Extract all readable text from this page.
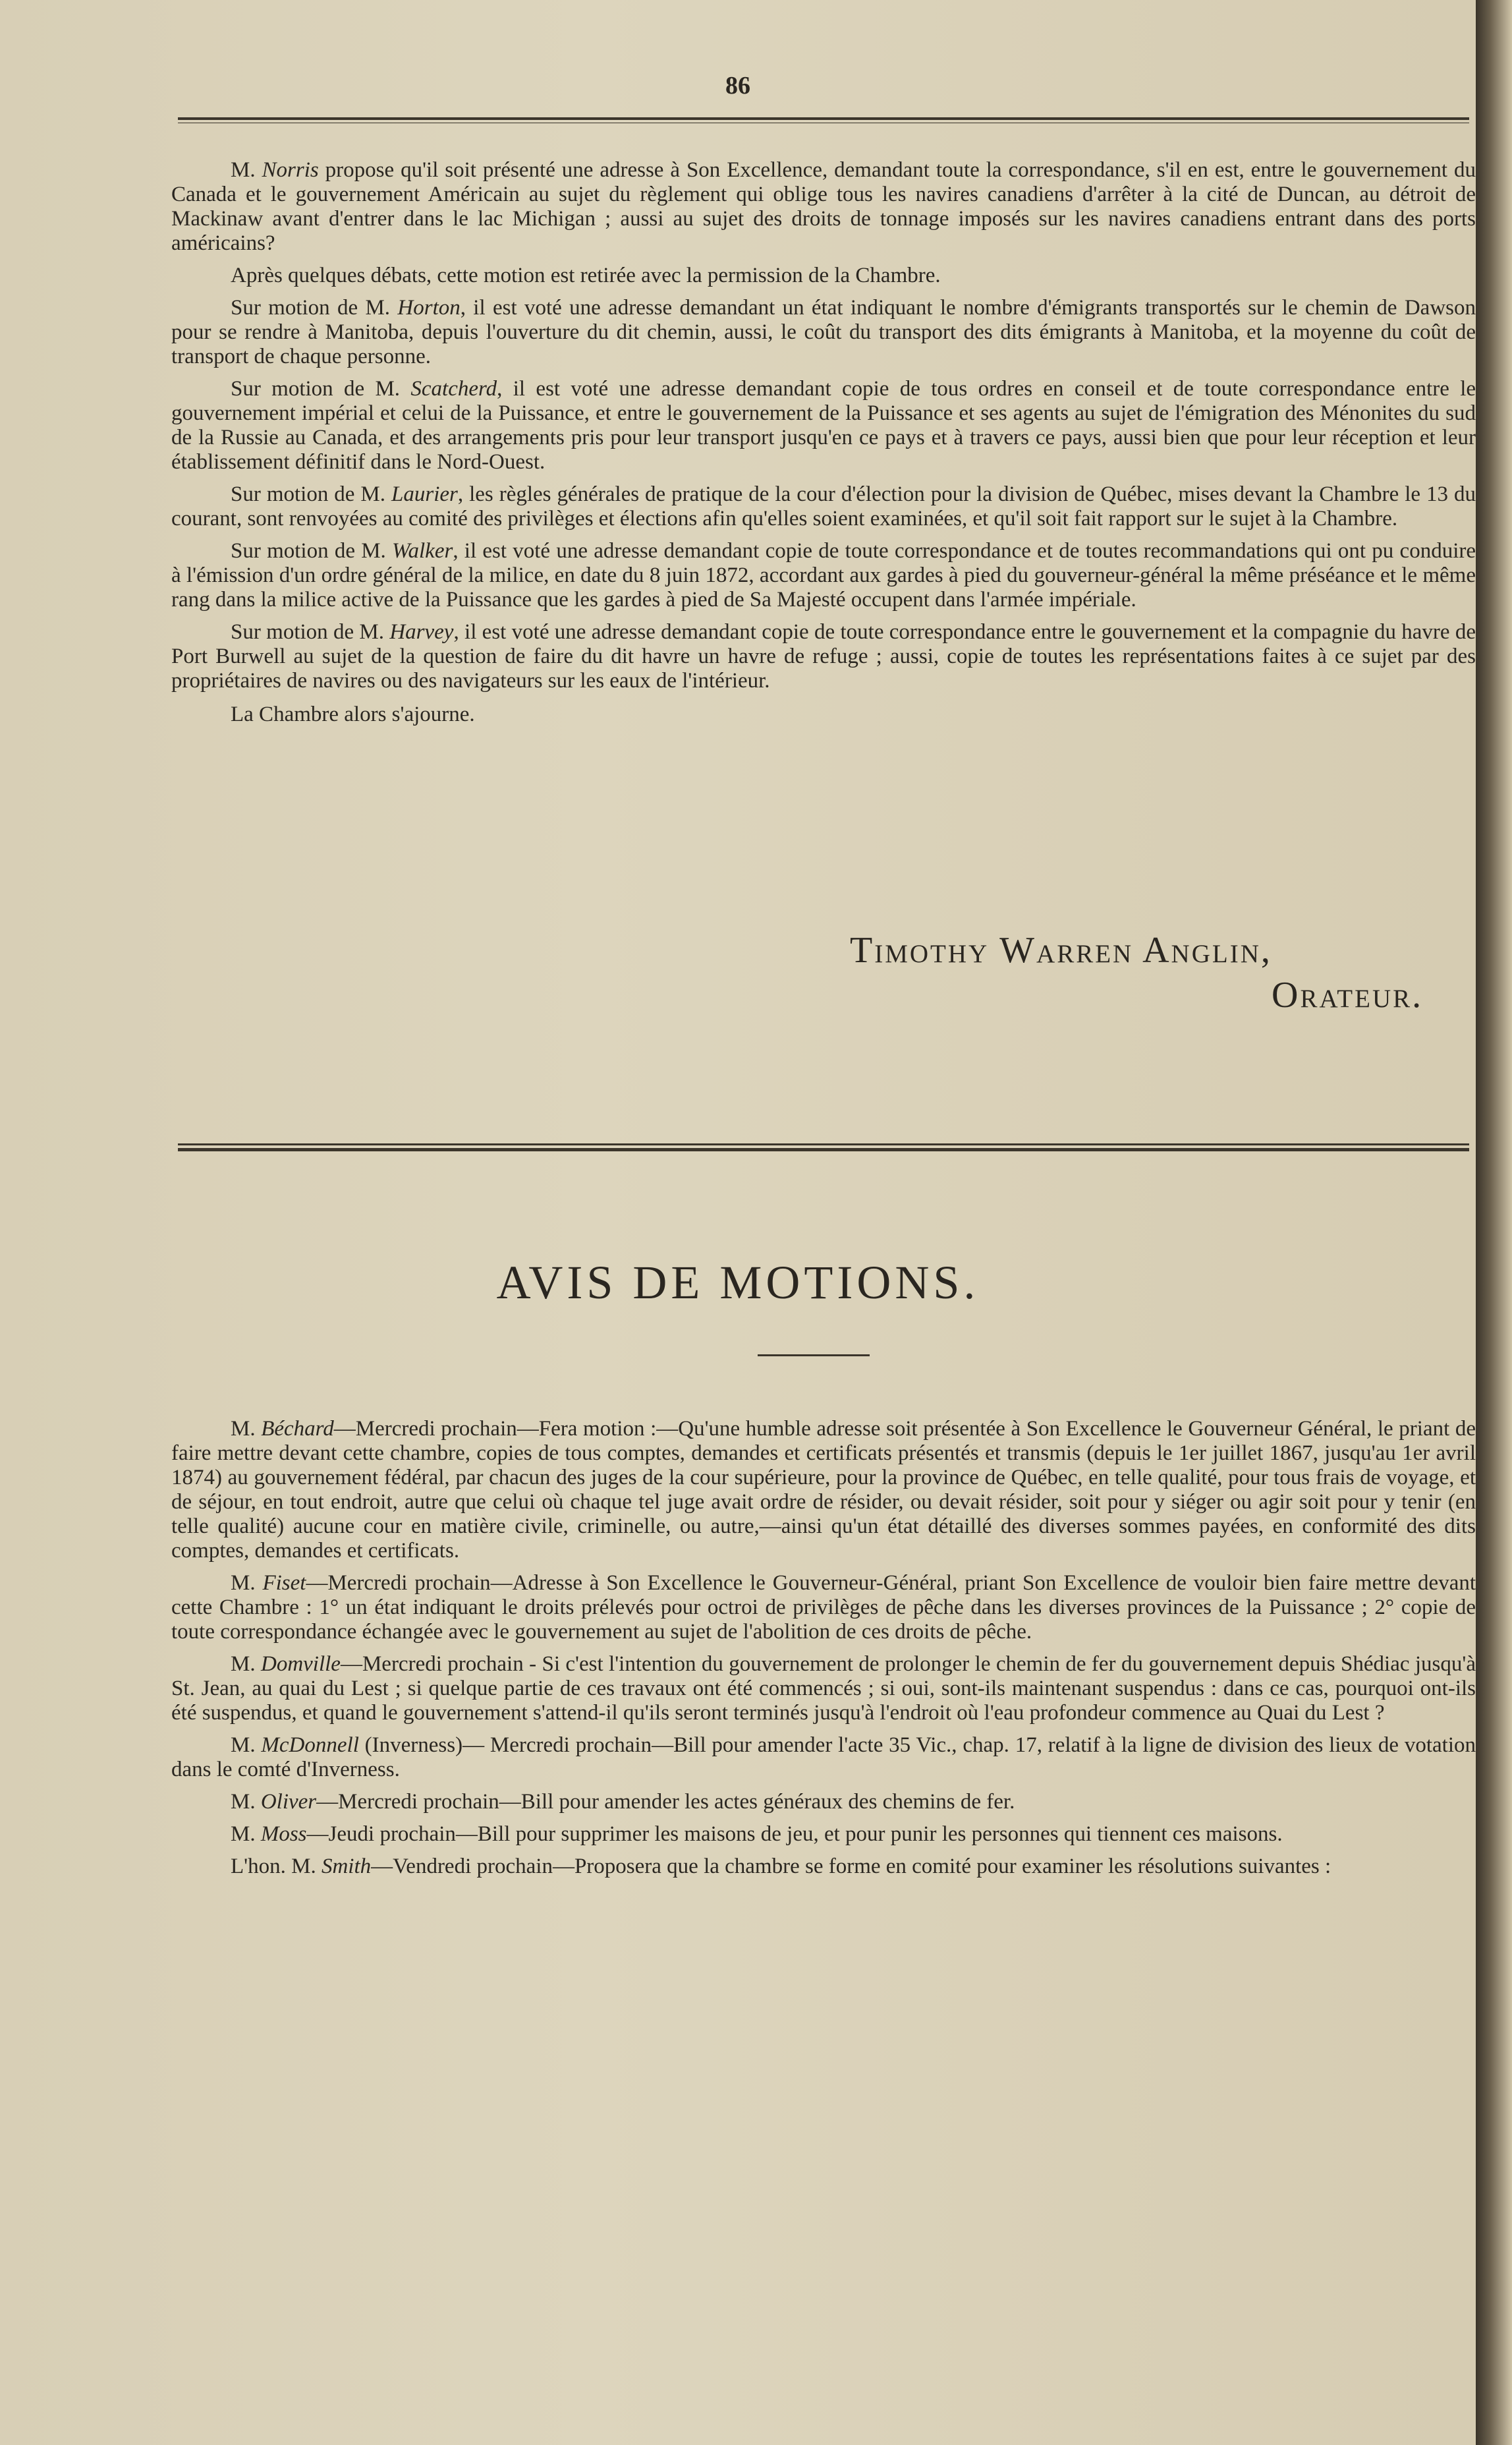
86

M. Norris propose qu'il soit présenté une adresse à Son Excellence, demandant toute la correspondance, s'il en est, entre le gouvernement du Canada et le gouvernement Américain au sujet du règlement qui oblige tous les navires canadiens d'arrêter à la cité de Duncan, au détroit de Mackinaw avant d'entrer dans le lac Michigan ; aussi au sujet des droits de tonnage imposés sur les navires canadiens entrant dans des ports américains?

Après quelques débats, cette motion est retirée avec la permission de la Chambre.

Sur motion de M. Horton, il est voté une adresse demandant un état indiquant le nombre d'émigrants transportés sur le chemin de Dawson pour se rendre à Manitoba, depuis l'ouverture du dit chemin, aussi, le coût du transport des dits émigrants à Manitoba, et la moyenne du coût de transport de chaque personne.

Sur motion de M. Scatcherd, il est voté une adresse demandant copie de tous ordres en conseil et de toute correspondance entre le gouvernement impérial et celui de la Puissance, et entre le gouvernement de la Puissance et ses agents au sujet de l'émigration des Ménonites du sud de la Russie au Canada, et des arrangements pris pour leur transport jusqu'en ce pays et à travers ce pays, aussi bien que pour leur réception et leur établissement définitif dans le Nord-Ouest.

Sur motion de M. Laurier, les règles générales de pratique de la cour d'élection pour la division de Québec, mises devant la Chambre le 13 du courant, sont renvoyées au comité des privilèges et élections afin qu'elles soient examinées, et qu'il soit fait rapport sur le sujet à la Chambre.

Sur motion de M. Walker, il est voté une adresse demandant copie de toute correspondance et de toutes recommandations qui ont pu conduire à l'émission d'un ordre général de la milice, en date du 8 juin 1872, accordant aux gardes à pied du gouverneur-général la même préséance et le même rang dans la milice active de la Puissance que les gardes à pied de Sa Majesté occupent dans l'armée impériale.

Sur motion de M. Harvey, il est voté une adresse demandant copie de toute correspondance entre le gouvernement et la compagnie du havre de Port Burwell au sujet de la question de faire du dit havre un havre de refuge ; aussi, copie de toutes les représentations faites à ce sujet par des propriétaires de navires ou des navigateurs sur les eaux de l'intérieur.

La Chambre alors s'ajourne.

Timothy Warren Anglin,
Orateur.
AVIS DE MOTIONS.

M. Béchard—Mercredi prochain—Fera motion :—Qu'une humble adresse soit présentée à Son Excellence le Gouverneur Général, le priant de faire mettre devant cette chambre, copies de tous comptes, demandes et certificats présentés et transmis (depuis le 1er juillet 1867, jusqu'au 1er avril 1874) au gouvernement fédéral, par chacun des juges de la cour supérieure, pour la province de Québec, en telle qualité, pour tous frais de voyage, et de séjour, en tout endroit, autre que celui où chaque tel juge avait ordre de résider, ou devait résider, soit pour y siéger ou agir soit pour y tenir (en telle qualité) aucune cour en matière civile, criminelle, ou autre,—ainsi qu'un état détaillé des diverses sommes payées, en conformité des dits comptes, demandes et certificats.

M. Fiset—Mercredi prochain—Adresse à Son Excellence le Gouverneur-Général, priant Son Excellence de vouloir bien faire mettre devant cette Chambre : 1° un état indiquant le droits prélevés pour octroi de privilèges de pêche dans les diverses provinces de la Puissance ; 2° copie de toute correspondance échangée avec le gouvernement au sujet de l'abolition de ces droits de pêche.

M. Domville—Mercredi prochain - Si c'est l'intention du gouvernement de prolonger le chemin de fer du gouvernement depuis Shédiac jusqu'à St. Jean, au quai du Lest ; si quelque partie de ces travaux ont été commencés ; si oui, sont-ils maintenant suspendus : dans ce cas, pourquoi ont-ils été suspendus, et quand le gouvernement s'attend-il qu'ils seront terminés jusqu'à l'endroit où l'eau profondeur commence au Quai du Lest ?

M. McDonnell (Inverness)— Mercredi prochain—Bill pour amender l'acte 35 Vic., chap. 17, relatif à la ligne de division des lieux de votation dans le comté d'Inverness.

M. Oliver—Mercredi prochain—Bill pour amender les actes généraux des chemins de fer.

M. Moss—Jeudi prochain—Bill pour supprimer les maisons de jeu, et pour punir les personnes qui tiennent ces maisons.

L'hon. M. Smith—Vendredi prochain—Proposera que la chambre se forme en comité pour examiner les résolutions suivantes :
